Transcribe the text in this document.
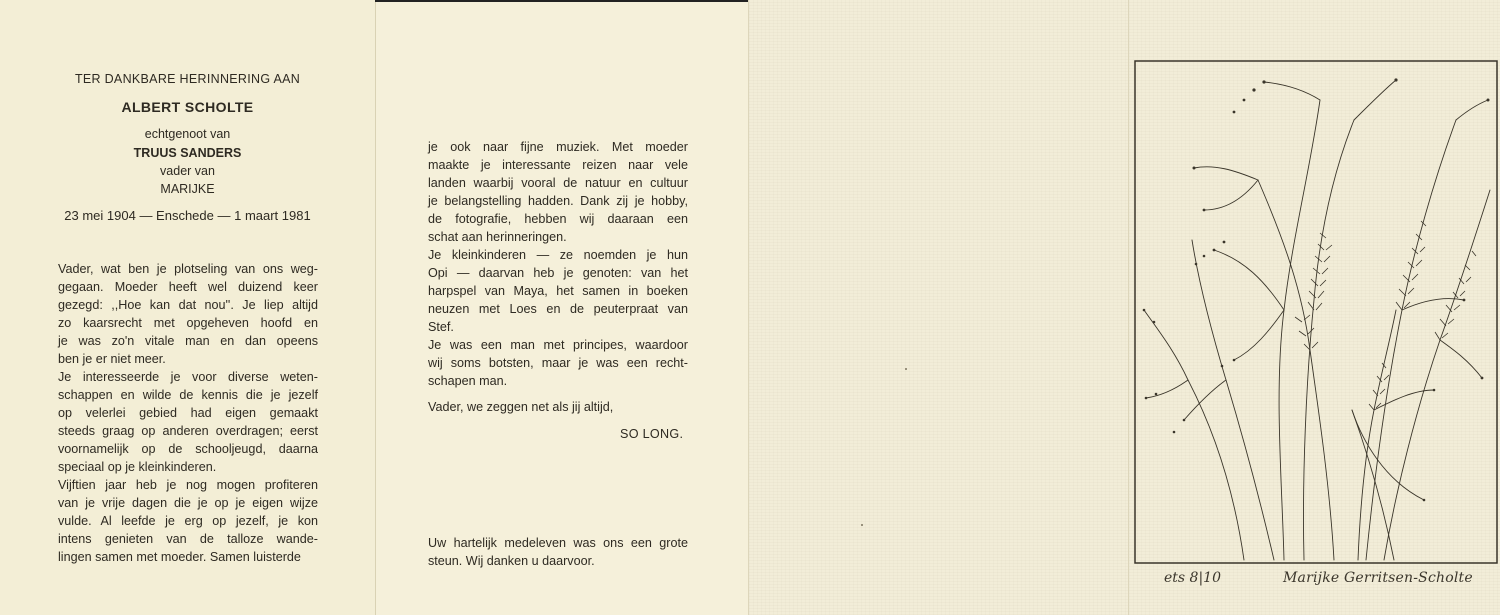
TER DANKBARE HERINNERING AAN

ALBERT SCHOLTE

echtgenoot van

TRUUS SANDERS

vader van

MARIJKE

23 mei 1904 — Enschede — 1 maart 1981

Vader, wat ben je plotseling van ons weg-
gegaan. Moeder heeft wel duizend keer
gezegd: ,,Hoe kan dat nou''. Je liep altijd
zo kaarsrecht met opgeheven hoofd en
je was zo'n vitale man en dan opeens
ben je er niet meer.
Je interesseerde je voor diverse weten-
schappen en wilde de kennis die je jezelf
op velerlei gebied had eigen gemaakt
steeds graag op anderen overdragen; eerst
voornamelijk op de schooljeugd, daarna
speciaal op je kleinkinderen.
Vijftien jaar heb je nog mogen profiteren
van je vrije dagen die je op je eigen wijze
vulde. Al leefde je erg op jezelf, je kon
intens genieten van de talloze wande-
lingen samen met moeder. Samen luisterde
je ook naar fijne muziek. Met moeder
maakte je interessante reizen naar vele
landen waarbij vooral de natuur en cultuur
je belangstelling hadden. Dank zij je hobby,
de fotografie, hebben wij daaraan een
schat aan herinneringen.
Je kleinkinderen — ze noemden je hun
Opi — daarvan heb je genoten: van het
harpspel van Maya, het samen in boeken
neuzen met Loes en de peuterpraat van
Stef.
Je was een man met principes, waardoor
wij soms botsten, maar je was een recht-
schapen man.

Vader, we zeggen net als jij altijd,

SO LONG.

Uw hartelijk medeleven was ons een grote
steun. Wij danken u daarvoor.

ets 8|10	Marijke Gerritsen-Scholte
